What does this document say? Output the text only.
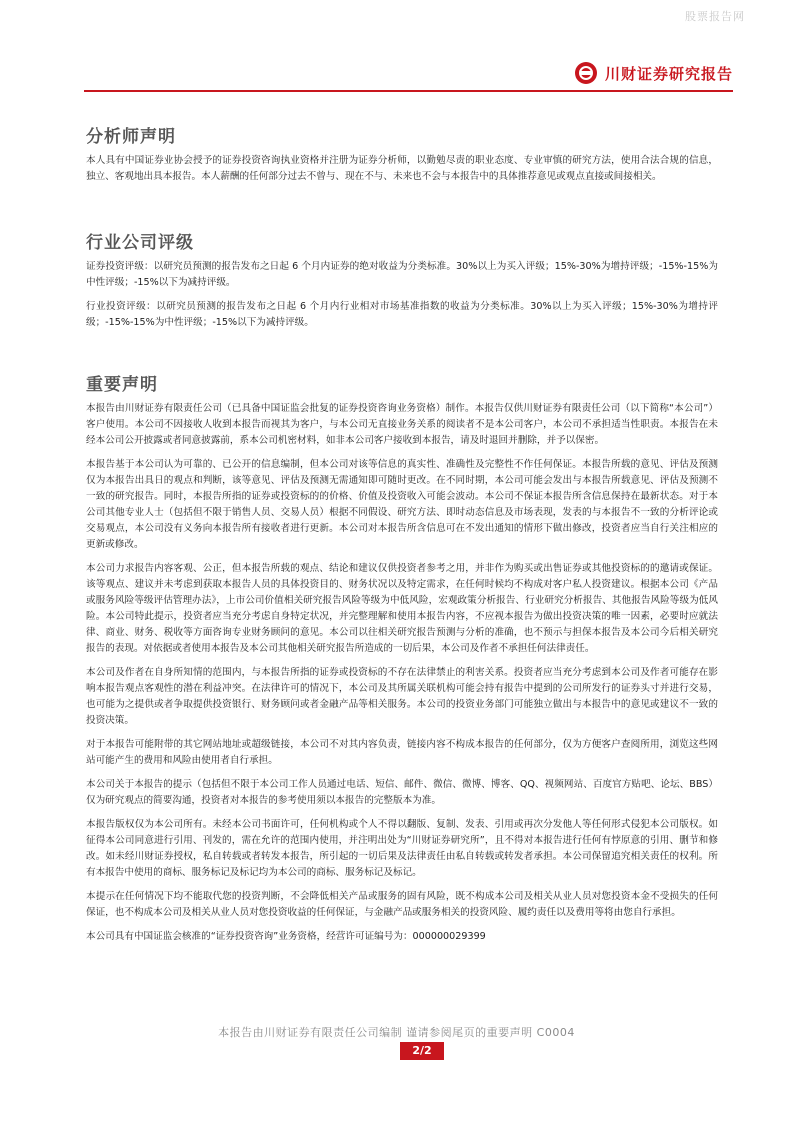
股票报告网
川财证券研究报告
分析师声明

本人具有中国证券业协会授予的证券投资咨询执业资格并注册为证券分析师，以勤勉尽责的职业态度、专业审慎的研究方法，使用合法合规的信息，独立、客观地出具本报告。本人薪酬的任何部分过去不曾与、现在不与、未来也不会与本报告中的具体推荐意见或观点直接或间接相关。

行业公司评级

证券投资评级：以研究员预测的报告发布之日起 6 个月内证券的绝对收益为分类标准。30%以上为买入评级；15%-30%为增持评级；-15%-15%为中性评级；-15%以下为减持评级。

行业投资评级：以研究员预测的报告发布之日起 6 个月内行业相对市场基准指数的收益为分类标准。30%以上为买入评级；15%-30%为增持评级；-15%-15%为中性评级；-15%以下为减持评级。

重要声明

本报告由川财证券有限责任公司（已具备中国证监会批复的证券投资咨询业务资格）制作。本报告仅供川财证券有限责任公司（以下简称“本公司”）客户使用。本公司不因接收人收到本报告而视其为客户，与本公司无直接业务关系的阅读者不是本公司客户，本公司不承担适当性职责。本报告在未经本公司公开披露或者同意披露前，系本公司机密材料，如非本公司客户接收到本报告，请及时退回并删除，并予以保密。

本报告基于本公司认为可靠的、已公开的信息编制，但本公司对该等信息的真实性、准确性及完整性不作任何保证。本报告所载的意见、评估及预测仅为本报告出具日的观点和判断，该等意见、评估及预测无需通知即可随时更改。在不同时期，本公司可能会发出与本报告所载意见、评估及预测不一致的研究报告。同时，本报告所指的证券或投资标的的价格、价值及投资收入可能会波动。本公司不保证本报告所含信息保持在最新状态。对于本公司其他专业人士（包括但不限于销售人员、交易人员）根据不同假设、研究方法、即时动态信息及市场表现，发表的与本报告不一致的分析评论或交易观点，本公司没有义务向本报告所有接收者进行更新。本公司对本报告所含信息可在不发出通知的情形下做出修改，投资者应当自行关注相应的更新或修改。

本公司力求报告内容客观、公正，但本报告所载的观点、结论和建议仅供投资者参考之用，并非作为购买或出售证券或其他投资标的的邀请或保证。该等观点、建议并未考虑到获取本报告人员的具体投资目的、财务状况以及特定需求，在任何时候均不构成对客户私人投资建议。根据本公司《产品或服务风险等级评估管理办法》，上市公司价值相关研究报告风险等级为中低风险，宏观政策分析报告、行业研究分析报告、其他报告风险等级为低风险。本公司特此提示，投资者应当充分考虑自身特定状况，并完整理解和使用本报告内容，不应视本报告为做出投资决策的唯一因素，必要时应就法律、商业、财务、税收等方面咨询专业财务顾问的意见。本公司以往相关研究报告预测与分析的准确，也不预示与担保本报告及本公司今后相关研究报告的表现。对依据或者使用本报告及本公司其他相关研究报告所造成的一切后果，本公司及作者不承担任何法律责任。

本公司及作者在自身所知情的范围内，与本报告所指的证券或投资标的不存在法律禁止的利害关系。投资者应当充分考虑到本公司及作者可能存在影响本报告观点客观性的潜在利益冲突。在法律许可的情况下，本公司及其所属关联机构可能会持有报告中提到的公司所发行的证券头寸并进行交易，也可能为之提供或者争取提供投资银行、财务顾问或者金融产品等相关服务。本公司的投资业务部门可能独立做出与本报告中的意见或建议不一致的投资决策。

对于本报告可能附带的其它网站地址或超级链接，本公司不对其内容负责，链接内容不构成本报告的任何部分，仅为方便客户查阅所用，浏览这些网站可能产生的费用和风险由使用者自行承担。

本公司关于本报告的提示（包括但不限于本公司工作人员通过电话、短信、邮件、微信、微博、博客、QQ、视频网站、百度官方贴吧、论坛、BBS）仅为研究观点的简要沟通，投资者对本报告的参考使用须以本报告的完整版本为准。

本报告版权仅为本公司所有。未经本公司书面许可，任何机构或个人不得以翻版、复制、发表、引用或再次分发他人等任何形式侵犯本公司版权。如征得本公司同意进行引用、刊发的，需在允许的范围内使用，并注明出处为“川财证券研究所”，且不得对本报告进行任何有悖原意的引用、删节和修改。如未经川财证券授权，私自转载或者转发本报告，所引起的一切后果及法律责任由私自转载或转发者承担。本公司保留追究相关责任的权利。所有本报告中使用的商标、服务标记及标记均为本公司的商标、服务标记及标记。

本提示在任何情况下均不能取代您的投资判断，不会降低相关产品或服务的固有风险，既不构成本公司及相关从业人员对您投资本金不受损失的任何保证，也不构成本公司及相关从业人员对您投资收益的任何保证，与金融产品或服务相关的投资风险、履约责任以及费用等将由您自行承担。

本公司具有中国证监会核准的“证券投资咨询”业务资格，经营许可证编号为：000000029399

本报告由川财证券有限责任公司编制 谨请参阅尾页的重要声明 C0004
2/2
